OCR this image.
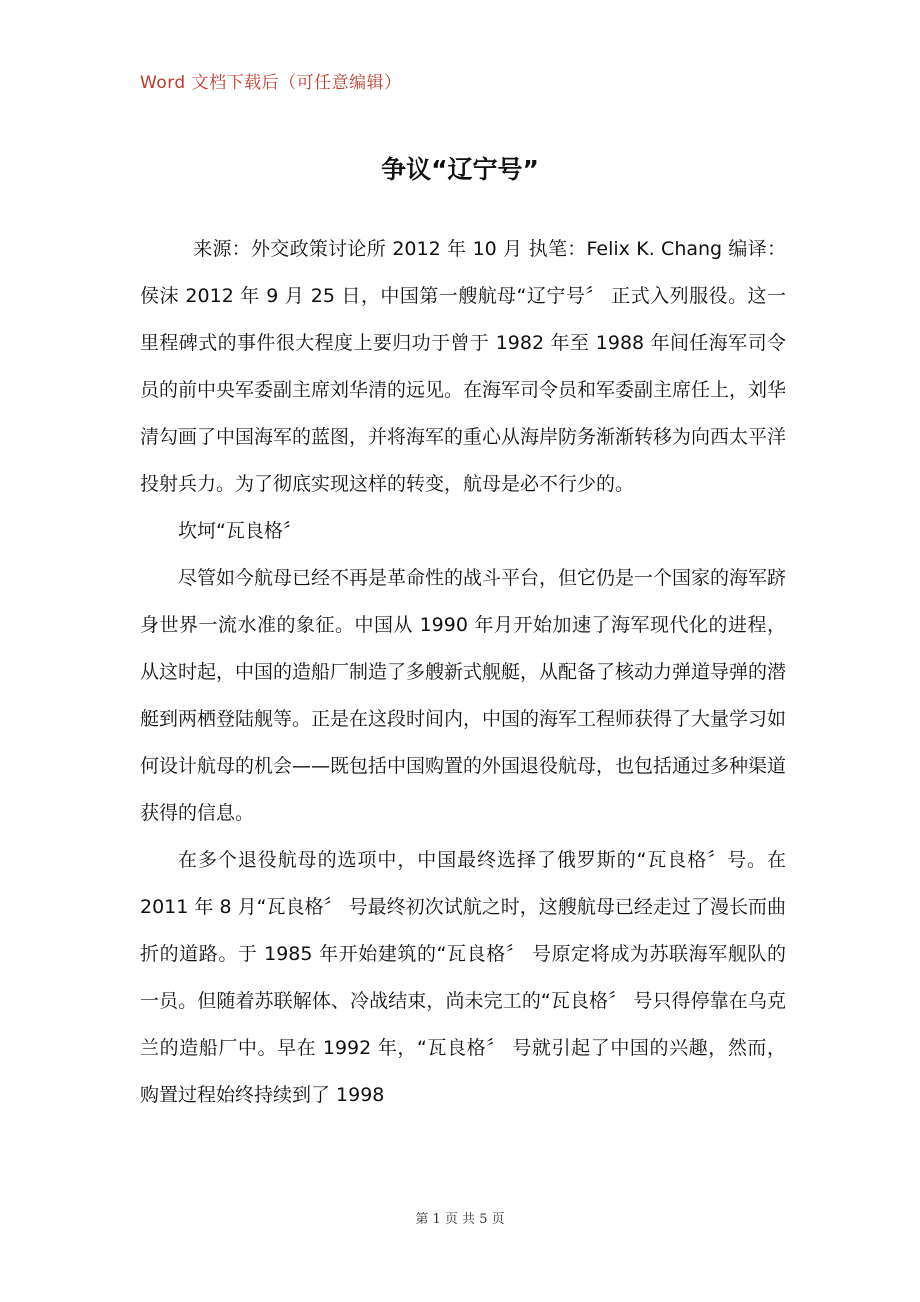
Word 文档下载后（可任意编辑）
争议“辽宁号”

来源：外交政策讨论所 2012 年 10 月 执笔：Felix K. Chang 编译：侯沫 2012 年 9 月 25 日，中国第一艘航母“辽宁号〞 正式入列服役。这一里程碑式的事件很大程度上要归功于曾于 1982 年至 1988 年间任海军司令员的前中央军委副主席刘华清的远见。在海军司令员和军委副主席任上，刘华清勾画了中国海军的蓝图，并将海军的重心从海岸防务渐渐转移为向西太平洋投射兵力。为了彻底实现这样的转变，航母是必不行少的。

坎坷“瓦良格〞

尽管如今航母已经不再是革命性的战斗平台，但它仍是一个国家的海军跻身世界一流水准的象征。中国从 1990 年月开始加速了海军现代化的进程，从这时起，中国的造船厂制造了多艘新式舰艇，从配备了核动力弹道导弹的潜艇到两栖登陆舰等。正是在这段时间内，中国的海军工程师获得了大量学习如何设计航母的机会——既包括中国购置的外国退役航母，也包括通过多种渠道获得的信息。

在多个退役航母的选项中，中国最终选择了俄罗斯的“瓦良格〞号。在 2011 年 8 月“瓦良格〞 号最终初次试航之时，这艘航母已经走过了漫长而曲折的道路。于 1985 年开始建筑的“瓦良格〞 号原定将成为苏联海军舰队的一员。但随着苏联解体、冷战结束，尚未完工的“瓦良格〞 号只得停靠在乌克兰的造船厂中。早在 1992 年，“瓦良格〞 号就引起了中国的兴趣，然而，购置过程始终持续到了 1998

第 1 页 共 5 页
